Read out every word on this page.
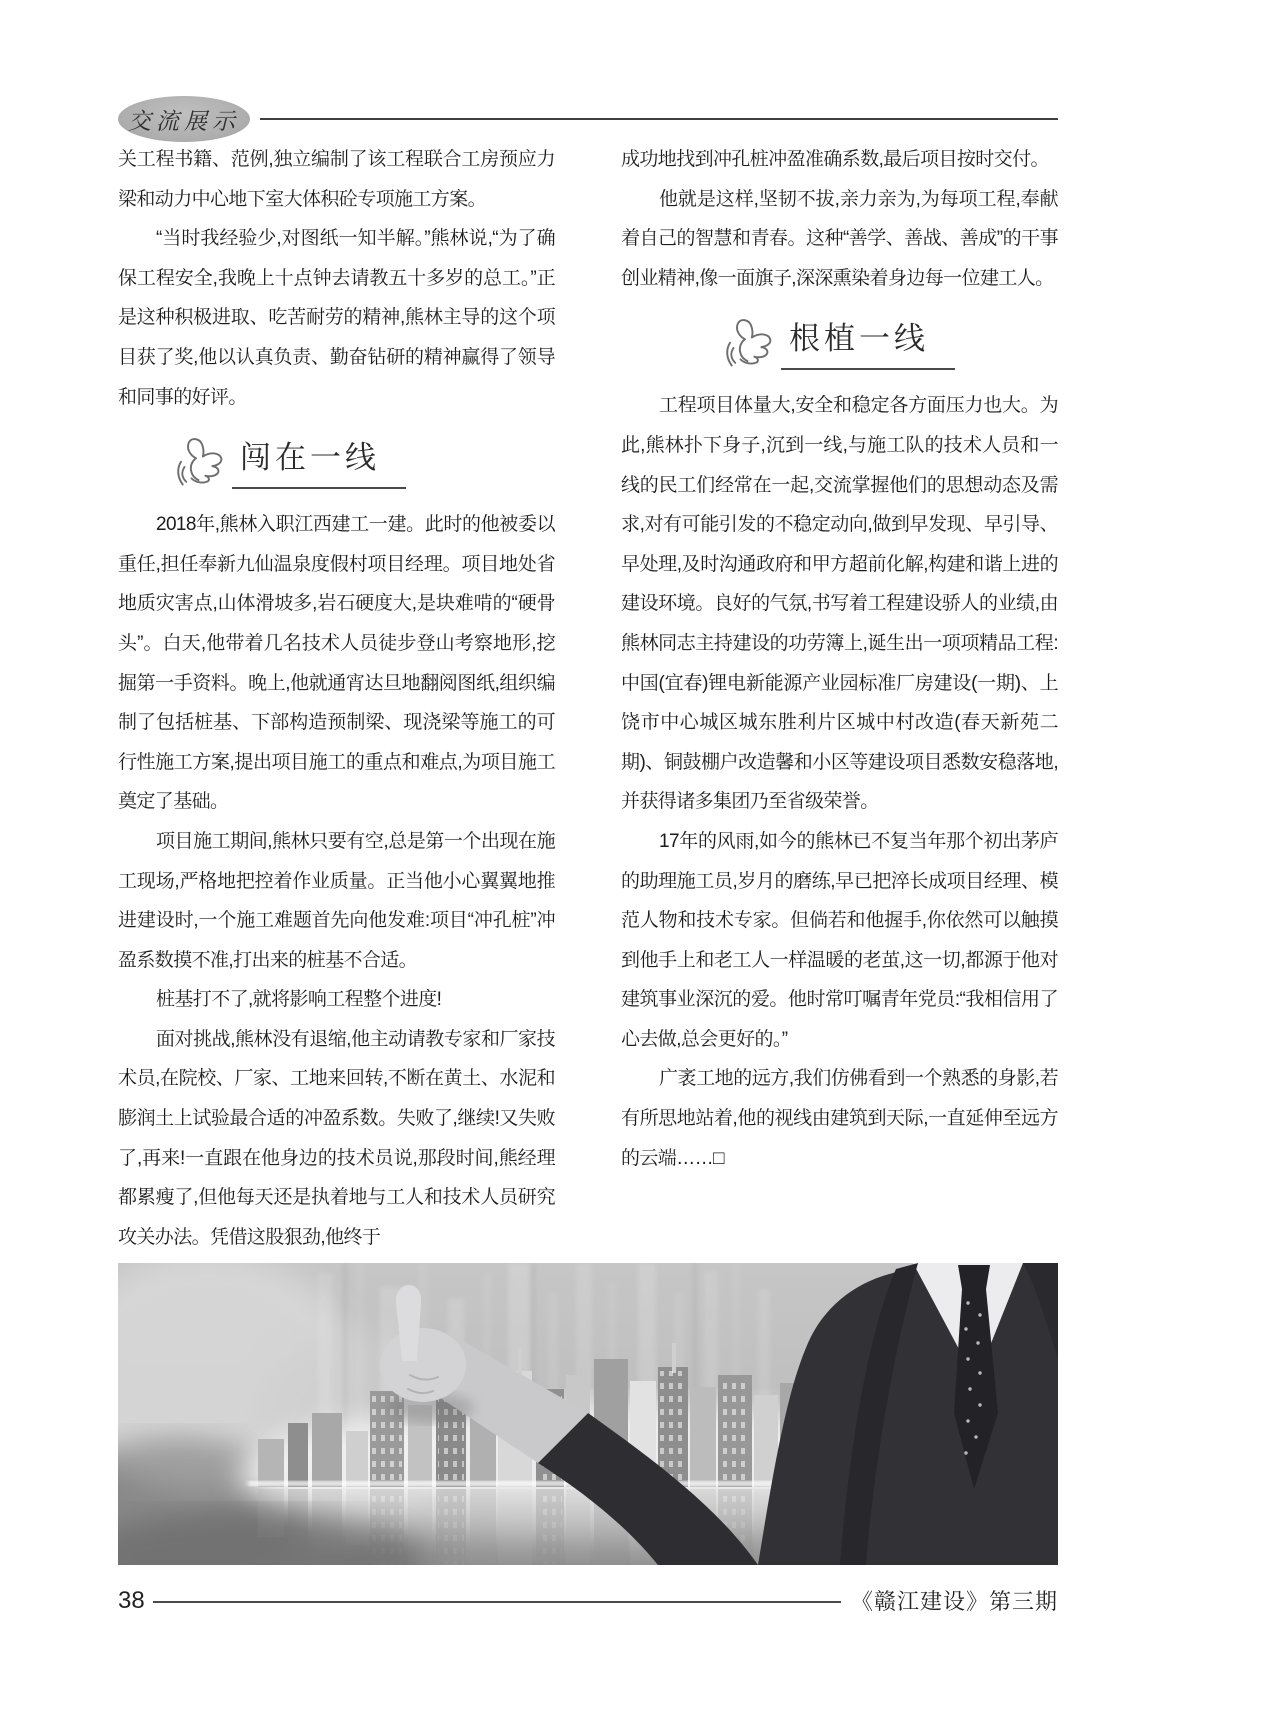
交流展示

关工程书籍、范例,独立编制了该工程联合工房预应力梁和动力中心地下室大体积砼专项施工方案。

“当时我经验少,对图纸一知半解。”熊林说,“为了确保工程安全,我晚上十点钟去请教五十多岁的总工。”正是这种积极进取、吃苦耐劳的精神,熊林主导的这个项目获了奖,他以认真负责、勤奋钻研的精神赢得了领导和同事的好评。

闯在一线

2018年,熊林入职江西建工一建。此时的他被委以重任,担任奉新九仙温泉度假村项目经理。项目地处省地质灾害点,山体滑坡多,岩石硬度大,是块难啃的“硬骨头”。白天,他带着几名技术人员徒步登山考察地形,挖掘第一手资料。晚上,他就通宵达旦地翻阅图纸,组织编制了包括桩基、下部构造预制梁、现浇梁等施工的可行性施工方案,提出项目施工的重点和难点,为项目施工奠定了基础。

项目施工期间,熊林只要有空,总是第一个出现在施工现场,严格地把控着作业质量。正当他小心翼翼地推进建设时,一个施工难题首先向他发难:项目“冲孔桩”冲盈系数摸不准,打出来的桩基不合适。

桩基打不了,就将影响工程整个进度!

面对挑战,熊林没有退缩,他主动请教专家和厂家技术员,在院校、厂家、工地来回转,不断在黄土、水泥和膨润土上试验最合适的冲盈系数。失败了,继续!又失败了,再来!一直跟在他身边的技术员说,那段时间,熊经理都累瘦了,但他每天还是执着地与工人和技术人员研究攻关办法。凭借这股狠劲,他终于

成功地找到冲孔桩冲盈准确系数,最后项目按时交付。

他就是这样,坚韧不拔,亲力亲为,为每项工程,奉献着自己的智慧和青春。这种“善学、善战、善成”的干事创业精神,像一面旗子,深深熏染着身边每一位建工人。

根植一线

工程项目体量大,安全和稳定各方面压力也大。为此,熊林扑下身子,沉到一线,与施工队的技术人员和一线的民工们经常在一起,交流掌握他们的思想动态及需求,对有可能引发的不稳定动向,做到早发现、早引导、早处理,及时沟通政府和甲方超前化解,构建和谐上进的建设环境。良好的气氛,书写着工程建设骄人的业绩,由熊林同志主持建设的功劳簿上,诞生出一项项精品工程:中国(宜春)锂电新能源产业园标准厂房建设(一期)、上饶市中心城区城东胜利片区城中村改造(春天新苑二期)、铜鼓棚户改造馨和小区等建设项目悉数安稳落地,并获得诸多集团乃至省级荣誉。

17年的风雨,如今的熊林已不复当年那个初出茅庐的助理施工员,岁月的磨练,早已把淬长成项目经理、模范人物和技术专家。但倘若和他握手,你依然可以触摸到他手上和老工人一样温暖的老茧,这一切,都源于他对建筑事业深沉的爱。他时常叮嘱青年党员:“我相信用了心去做,总会更好的。”

广袤工地的远方,我们仿佛看到一个熟悉的身影,若有所思地站着,他的视线由建筑到天际,一直延伸至远方的云端……□

38	《赣江建设》第三期
